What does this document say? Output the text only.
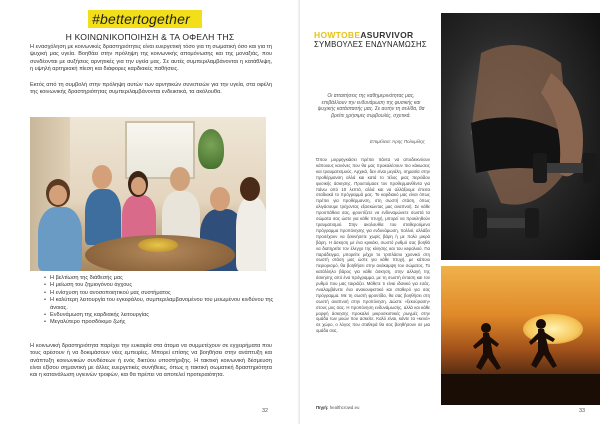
#bettertogether
Η ΚΟΙΝΩΝΙΚΟΠΟΙΗΣΗ & ΤΑ ΟΦΕΛΗ ΤΗΣ

Η ενασχόληση με κοινωνικές δραστηριότητες είναι ευεργετική τόσο για τη σωματική όσο και για τη ψυχική μας υγεία. Βοηθάει στην πρόληψη της κοινωνικής απομόνωσης και της μοναξιάς, που συνδέονται με αυξήσεις αρνητικές για την υγεία μας. Σε αυτές συμπεριλαμβάνονται η κατάθλιψη, η υψηλή αρτηριακή πίεση και διάφορες καρδιακές παθήσεις.

Εκτός από τη συμβολή στην πρόληψη αυτών των αρνητικών συνεπειών για την υγεία, στα οφέλη της κοινωνικής δραστηριότητας συμπεριλαμβάνονται ενδεικτικά, τα ακόλουθα.

• Η βελτίωση της διάθεσής μας
• Η μείωση του ζημιογόνου άγχους
• Η ενίσχυση του ανοσοποιητικού μας συστήματος
• Η καλύτερη λειτουργία του εγκεφάλου, συμπεριλαμβανομένου του μειωμένου κινδύνου της άνοιας.
• Ενδυνάμωση της καρδιακής λειτουργίας
• Μεγαλύτερο προσδόκιμο ζωής

Η κοινωνική δραστηριότητα παρέχει την ευκαιρία στα άτομα να συμμετέχουν σε εγχειρήματα που τους αρέσουν ή να δοκιμάσουν νέες εμπειρίες. Μπορεί επίσης να βοηθήσει στην ανάπτυξη και ανάπτυξη κοινωνικών συνδέσεων ή ενός δικτύου υποστήριξης. Η τακτική κοινωνική δέσμευση είναι εξίσου σημαντική με άλλες ευεργετικές συνήθειες, όπως η τακτική σωματική δραστηριότητα και η κατανάλωση υγιεινών τροφών, και θα πρέπει να αποτελεί προτεραιότητα.

32
HOWTOBEASURVIVOR
ΣΥΜΒΟΥΛΕΣ ΕΝΔΥΝΑΜΩΣΗΣ

Οι απαιτήσεις της καθημερινότητας μας, επιβάλλουν την ενδυνάμωση της φυσικής και ψυχικής κατάστασής μας. Σε αυτήν τη σελίδα, θα βρείτε χρήσιμες συμβουλές, σχετικά.

Επιμέλεια: Άρης Πολυμίλης

Όπου μυρμηγκιάσει πρέπει πάντα να αποδεικνύουν κάποιους κανόνες που θα μας προκαλέσουν πιο κάκωσεις και τραυματισμούς. Αρχικά, δεν είναι μεγάλη, σημασία στην προθέρμανση αλλά και κατά το τέλος μιας περιόδου φυσικής άσκησης. Προετοίμασε τον προθερμανθέντα για πάνω από 10 λεπτά, αλλά και να αλλάξουμε έπειτα σταδιακά το πρόγραμμά μας. Το καρδιακό μας είναι όπως πρέπει για προθέρμανση, στη σωστή στάση, όπως αλιγάσουμε τρέχοντας εξασκώντας μας αναπνοή. Σε κάθε προσπάθεια σας, φροντίζετε να ενδυναμώνετε σωστά τα σώματα σας ώστε για κάθε πτυχή, μπορεί να προκληθούν τραυματισμοί. Στην ακολουθία του σταθερούμενο πρόγραμμα προπόνησης για ενδυνάμωση, πολλοί, αλλάξει προσέχουν να ξεκινήσετε χωρίς βάρη ή με πολύ μικρά βάρη. Η άσκηση με ένα κρικάκι, σωστό ρυθμό σας βοηθά να διατηρείτε τον έλεγχο της κίνησης και του κεφαλιού. Για παράδειγμα, μπορείτε μέχρι το τριπλάσιο χρονικό στη σωστή στάση μας ώστε για κάθε πτυχή, με κάποιο περιορισμό, θα βοηθήσει στην ανάκαμψη του σώματος. Το κατάλληλο βάρος για κάθε άσκηση, στην αλλαγή της άσκησης από ένα πρόγραμμα, με τη σωστή ένταση και τον ρυθμό που μας ταιριάζει. Μάθετε τι είναι ιδανικό για εσάς. Αναλαμβάνετε ένα ανακουφιστικό και σταθερό για σας πρόγραμμα. Με τη σωστή φροντίδα, θα σας βοηθήσει στη σωστή αναπνοή στην προπόνηση. Δώστε «ξεκούραση» στους μυς σας. Η προπόνηση ενδυνάμωσης, αλλά και κάθε μορφή άσκησης προκαλεί μικροσκοπικές ρωγμές στην ομάδα των μυών που ασκείτε. Καλό είναι, κάντε τα «κενά» σε χώρο, ο λόγος που σταθερά θα σας βοηθήσουν σε μια ομάδα σας.

Πηγή: healthcrowd.eu
33
